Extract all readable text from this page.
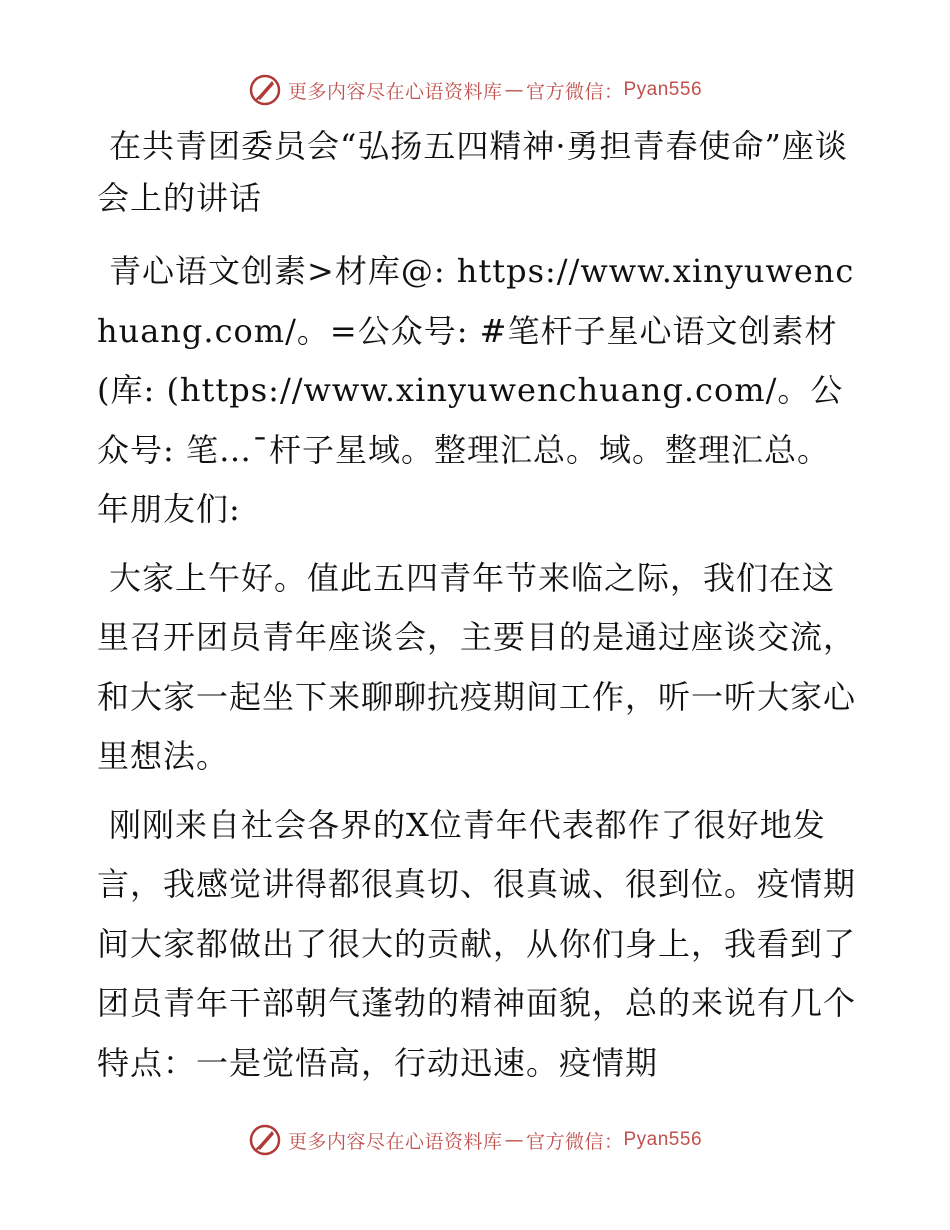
更多内容尽在心语资料库 — 官方微信： Pyan556
在共青团委员会“弘扬五四精神·勇担青春使命”座谈会上的讲话

青心语文创素>材库@: https://www.xinyuwenchuang.com/。=公众号: #笔杆子星心语文创素材(库: (https://www.xinyuwenchuang.com/。公众号: 笔…¯杆子星域。整理汇总。域。整理汇总。年朋友们:

大家上午好。值此五四青年节来临之际，我们在这里召开团员青年座谈会，主要目的是通过座谈交流，和大家一起坐下来聊聊抗疫期间工作，听一听大家心里想法。

刚刚来自社会各界的X位青年代表都作了很好地发言，我感觉讲得都很真切、很真诚、很到位。疫情期间大家都做出了很大的贡献，从你们身上，我看到了团员青年干部朝气蓬勃的精神面貌，总的来说有几个特点：一是觉悟高，行动迅速。疫情期

更多内容尽在心语资料库 — 官方微信： Pyan556
